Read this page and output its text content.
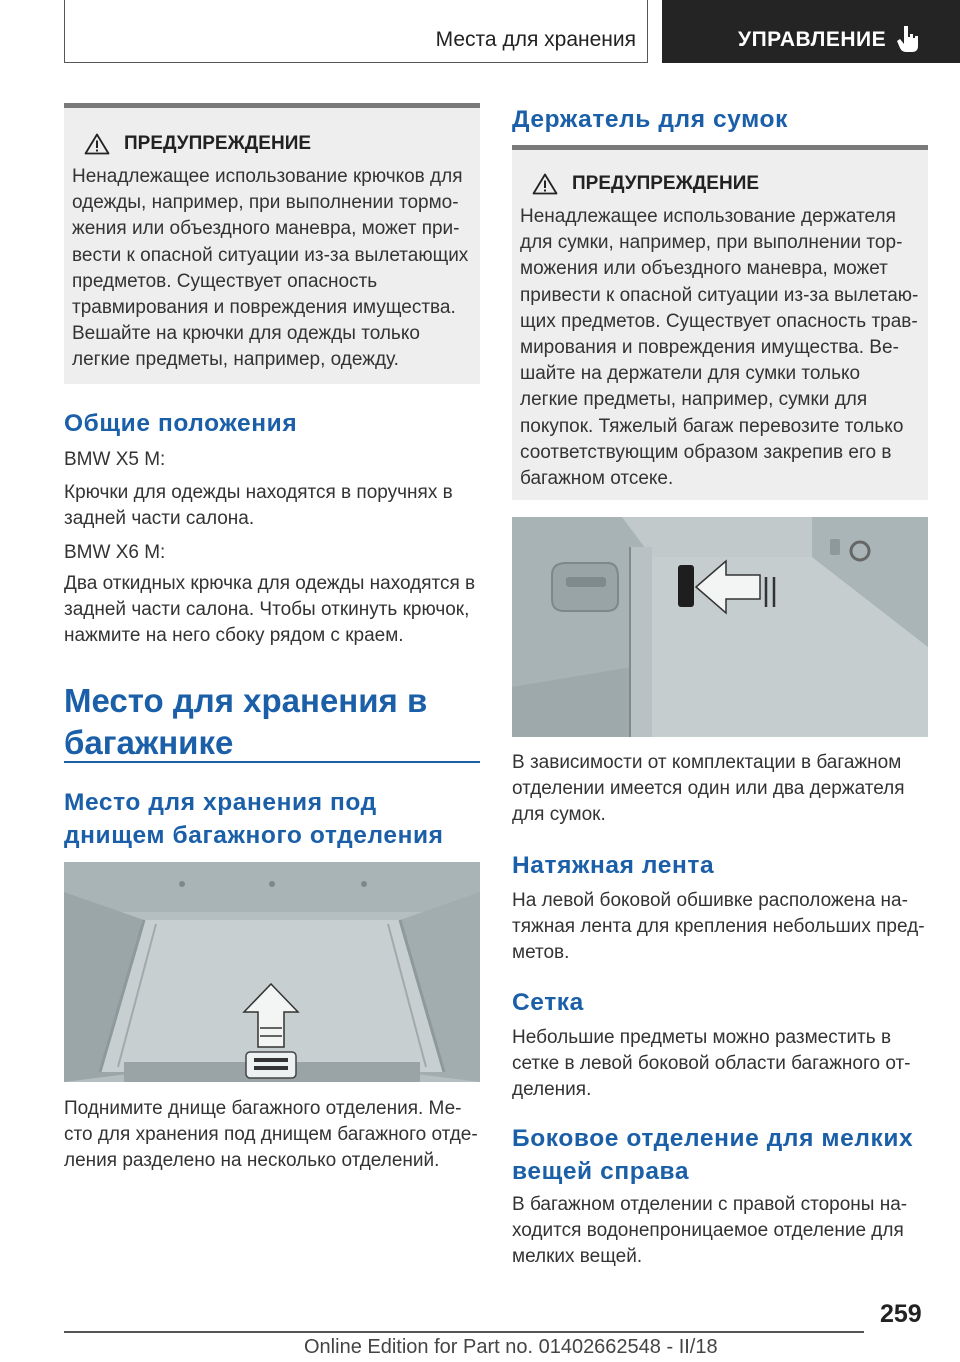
Места для хранения	УПРАВЛЕНИЕ
ПРЕДУПРЕЖДЕНИЕ
Ненадлежащее использование крючков для одежды, например, при выполнении торможения или объездного маневра, может привести к опасной ситуации из-за вылетающих предметов. Существует опасность травмирования и повреждения имущества. Вешайте на крючки для одежды только легкие предметы, например, одежду.
Общие положения
BMW X5 M:
Крючки для одежды находятся в поручнях в задней части салона.
BMW X6 M:
Два откидных крючка для одежды находятся в задней части салона. Чтобы откинуть крючок, нажмите на него сбоку рядом с краем.
Место для хранения в багажнике
Место для хранения под днищем багажного отделения
Поднимите днище багажного отделения. Место для хранения под днищем багажного отделения разделено на несколько отделений.
Держатель для сумок
ПРЕДУПРЕЖДЕНИЕ
Ненадлежащее использование держателя для сумки, например, при выполнении торможения или объездного маневра, может привести к опасной ситуации из-за вылетающих предметов. Существует опасность травмирования и повреждения имущества. Вешайте на держатели для сумки только легкие предметы, например, сумки для покупок. Тяжелый багаж перевозите только соответствующим образом закрепив его в багажном отсеке.
В зависимости от комплектации в багажном отделении имеется один или два держателя для сумок.
Натяжная лента
На левой боковой обшивке расположена натяжная лента для крепления небольших предметов.
Сетка
Небольшие предметы можно разместить в сетке в левой боковой области багажного отделения.
Боковое отделение для мелких вещей справа
В багажном отделении с правой стороны находится водонепроницаемое отделение для мелких вещей.
259
Online Edition for Part no. 01402662548 - II/18
